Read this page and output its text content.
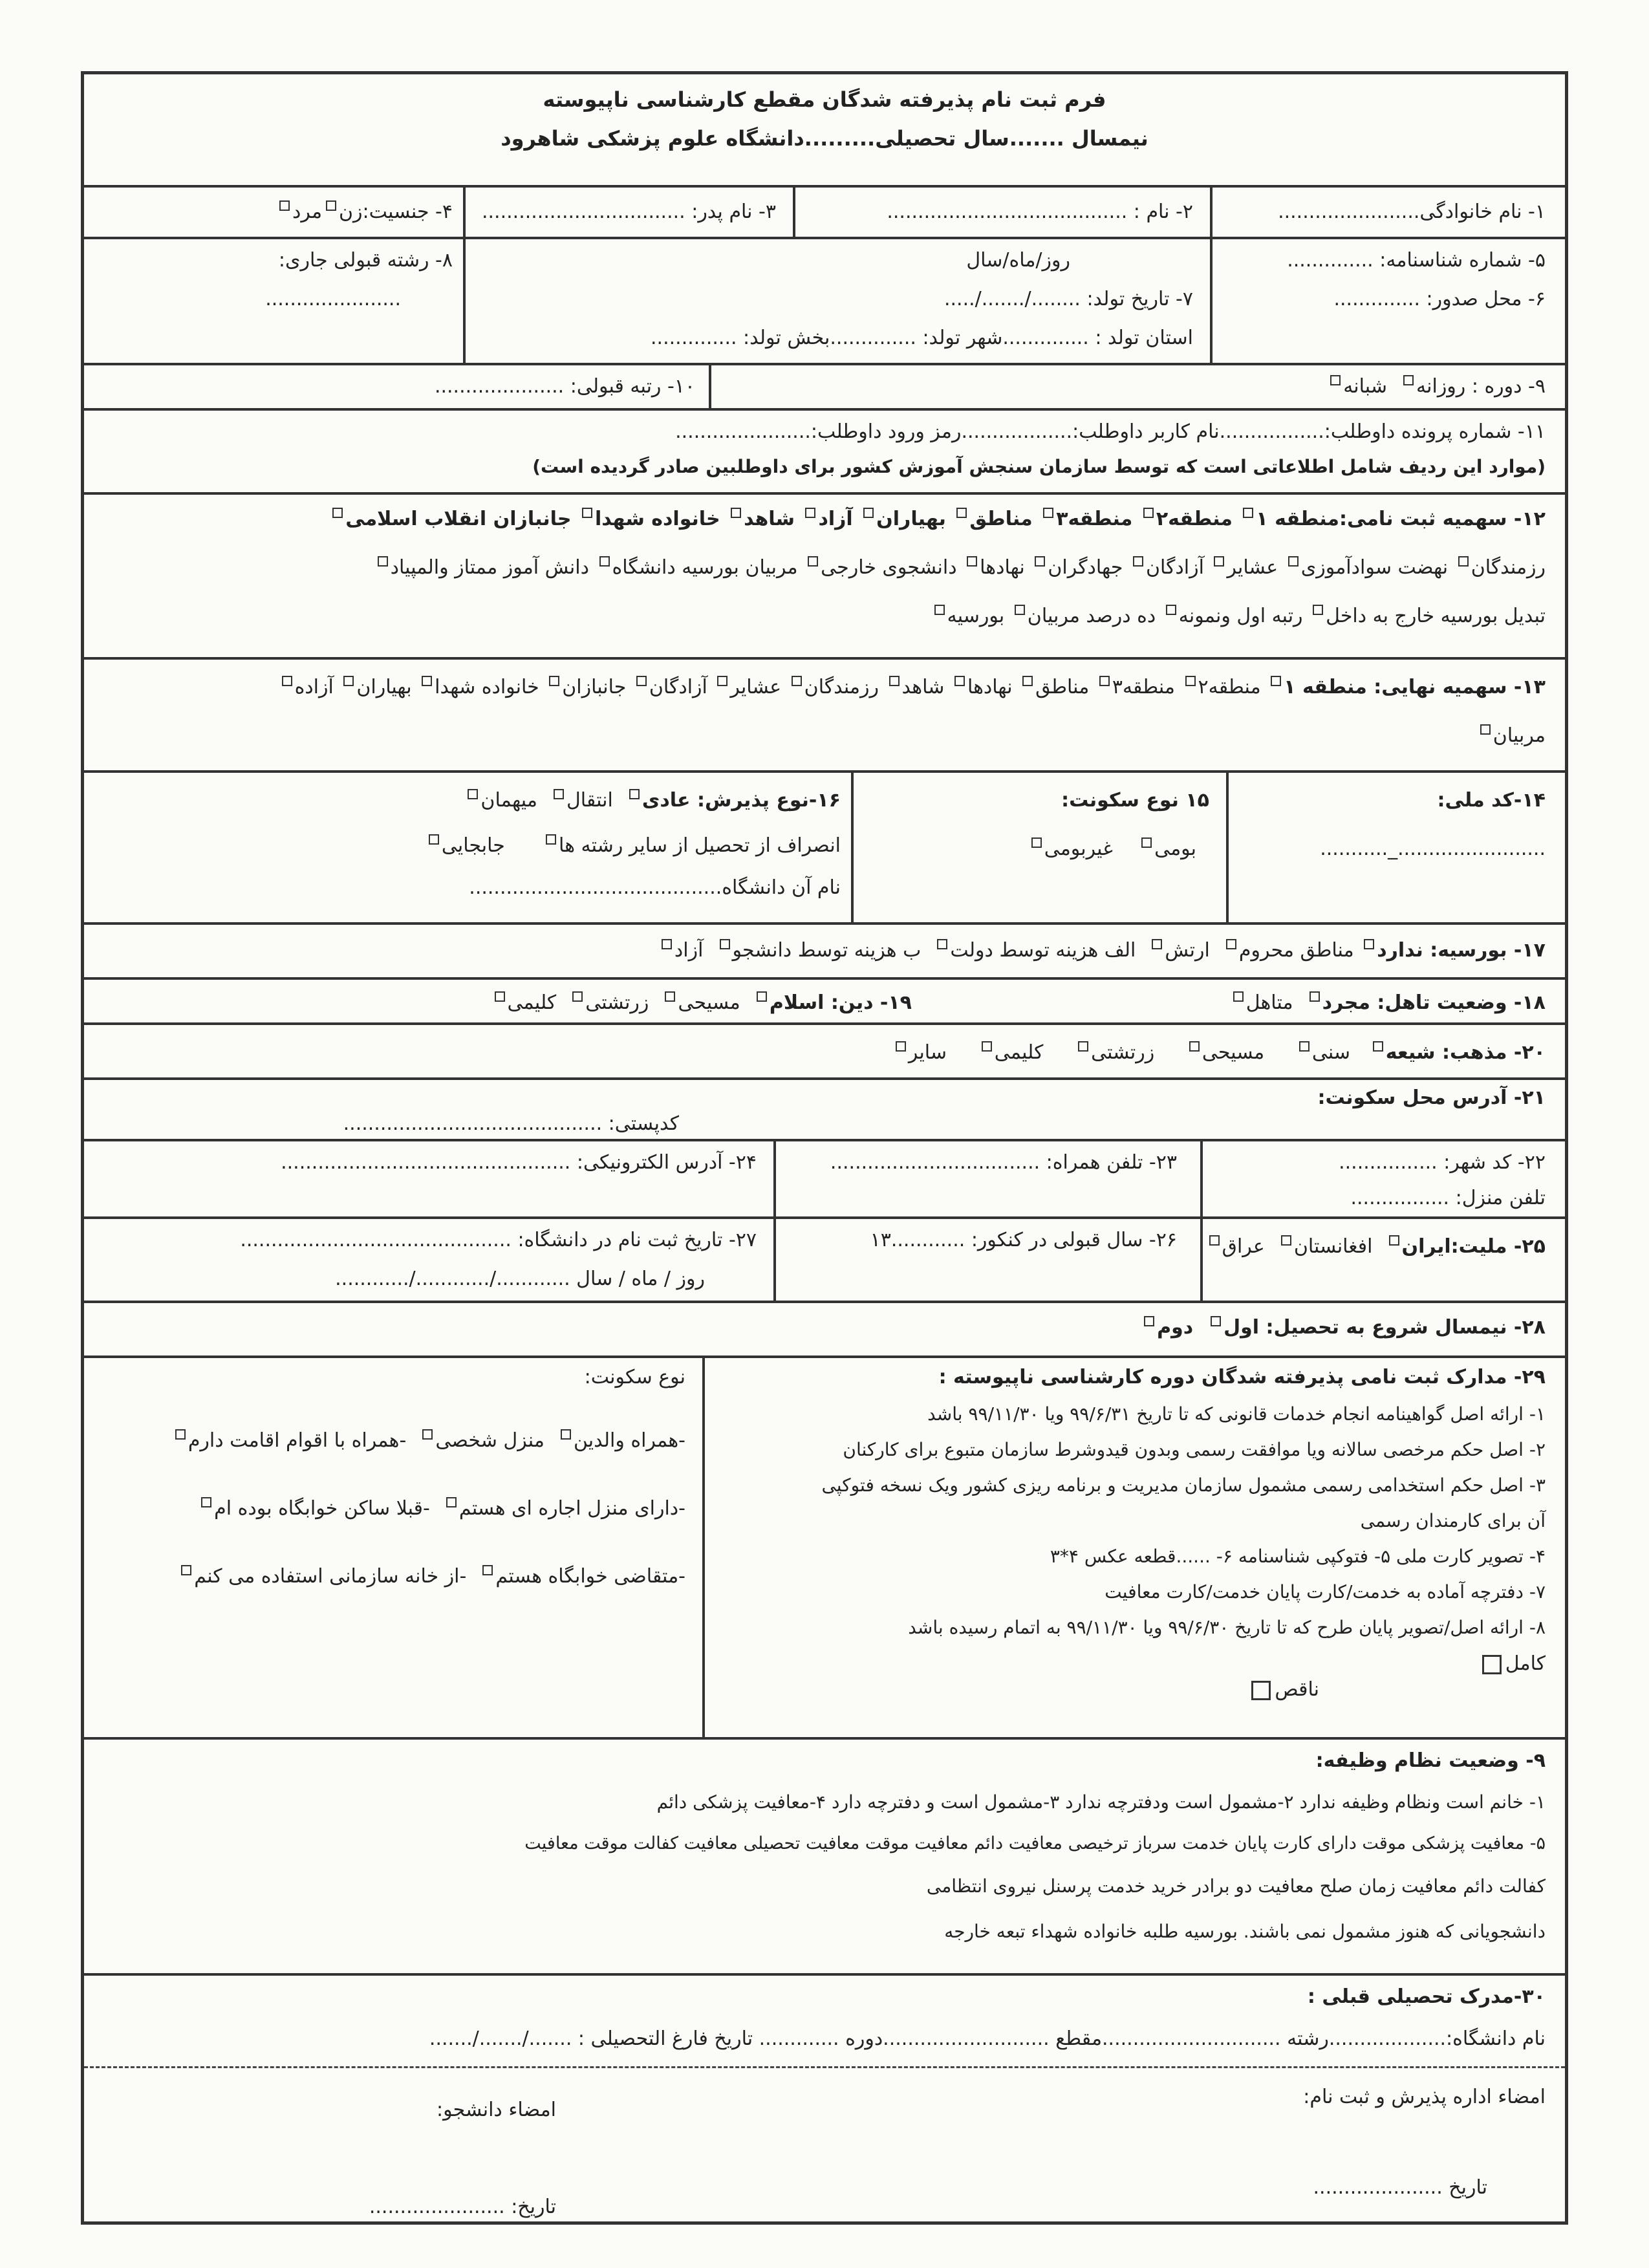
فرم ثبت نام پذیرفته شدگان مقطع کارشناسی ناپیوسته
نیمسال .......سال تحصیلی.........دانشگاه علوم پزشکی شاهرود
۱- نام خانوادگی.......................
۲- نام : .......................................
۳- نام پدر: .................................
۴- جنسیت:زنمرد
۵- شماره شناسنامه: ..............
۶- محل صدور: ..............
روز/ماه/سال
۷- تاریخ تولد: ......../......./.....
استان تولد : ..............شهر تولد: ..............بخش تولد: ..............
۸- رشته قبولی جاری:
......................
۹- دوره : روزانه  شبانه
۱۰- رتبه قبولی: .....................
۱۱- شماره پرونده داوطلب:.................نام کاربر داوطلب:..................رمز ورود داوطلب:......................
(موارد این ردیف شامل اطلاعاتی است که توسط سازمان سنجش آموزش کشور برای داوطلبین صادر گردیده است)
۱۲- سهمیه ثبت نامی:منطقه ۱ منطقه۲ منطقه۳ مناطق بهیاران آزاد شاهد خانواده شهدا جانبازان انقلاب اسلامی
رزمندگان نهضت سوادآموزی عشایر آزادگان جهادگران نهادها دانشجوی خارجی مربیان بورسیه دانشگاه دانش آموز ممتاز والمپیاد
تبدیل بورسیه خارج به داخل رتبه اول ونمونه ده درصد مربیان بورسیه
۱۳- سهمیه نهایی: منطقه ۱ منطقه۲ منطقه۳ مناطق نهادها شاهد رزمندگان عشایر آزادگان جانبازان خانواده شهدا بهیاران آزاده
مربیان
۱۴-کد ملی:
........................_...........
۱۵ نوع سکونت:
بومی    غیربومی
۱۶-نوع پذیرش: عادی  انتقال  میهمان
انصراف از تحصیل از سایر رشته ها      جابجایی
نام آن دانشگاه.........................................
۱۷- بورسیه: ندارد مناطق محروم  ارتش  الف هزینه توسط دولت  ب هزینه توسط دانشجو  آزاد
۱۸- وضعیت تاهل: مجرد  متاهل
۱۹- دین: اسلام  مسیحی  زرتشتی  کلیمی
۲۰- مذهب: شیعه   سنی     مسیحی     زرتشتی     کلیمی     سایر
۲۱- آدرس محل سکونت:
کدپستی: ..........................................
۲۲- کد شهر: ................
تلفن منزل: ................
۲۳- تلفن همراه: ..................................
۲۴- آدرس الکترونیکی: ...............................................
۲۵- ملیت:ایران  افغانستان  عراق
۲۶- سال قبولی در کنکور: ............۱۳
۲۷- تاریخ ثبت نام در دانشگاه: ............................................
روز / ماه / سال ............/............/............
۲۸- نیمسال شروع به تحصیل: اول  دوم
۲۹- مدارک ثبت نامی پذیرفته شدگان دوره کارشناسی ناپیوسته :
۱- ارائه اصل گواهینامه انجام خدمات قانونی که تا تاریخ ۹۹/۶/۳۱ ویا ۹۹/۱۱/۳۰ باشد
۲- اصل حکم مرخصی سالانه ویا موافقت رسمی وبدون قیدوشرط سازمان متبوع برای کارکنان
۳- اصل حکم استخدامی رسمی مشمول سازمان مدیریت و برنامه ریزی کشور ویک نسخه فتوکپی
آن برای کارمندان رسمی
۴- تصویر کارت ملی ۵- فتوکپی شناسنامه ۶- ......قطعه عکس ۴*۳
۷- دفترچه آماده به خدمت/کارت پایان خدمت/کارت معافیت
۸- ارائه اصل/تصویر پایان طرح که تا تاریخ ۹۹/۶/۳۰ ویا ۹۹/۱۱/۳۰ به اتمام رسیده باشد
کامل
ناقص
نوع سکونت:
-همراه والدین  منزل شخصی  -همراه با اقوام اقامت دارم
-دارای منزل اجاره ای هستم  -قبلا ساکن خوابگاه بوده ام
-متقاضی خوابگاه هستم  -از خانه سازمانی استفاده می کنم
۹- وضعیت نظام وظیفه:
۱- خانم است ونظام وظیفه ندارد ۲-مشمول است ودفترچه ندارد ۳-مشمول است و دفترچه دارد ۴-معافیت پزشکی دائم
۵- معافیت پزشکی موقت دارای کارت پایان خدمت سرباز ترخیصی معافیت دائم معافیت موقت معافیت تحصیلی معافیت کفالت موقت معافیت
کفالت دائم معافیت زمان صلح معافیت دو برادر خرید خدمت پرسنل نیروی انتظامی
دانشجویانی که هنوز مشمول نمی باشند. بورسیه طلبه خانواده شهداء تبعه خارجه
۳۰-مدرک تحصیلی قبلی :
نام دانشگاه:...................رشته .............................مقطع ...........................دوره ............. تاریخ فارغ التحصیلی : ......./......./.......
امضاء اداره پذیرش و ثبت نام:
امضاء دانشجو:
تاریخ .....................
تاریخ: ......................
